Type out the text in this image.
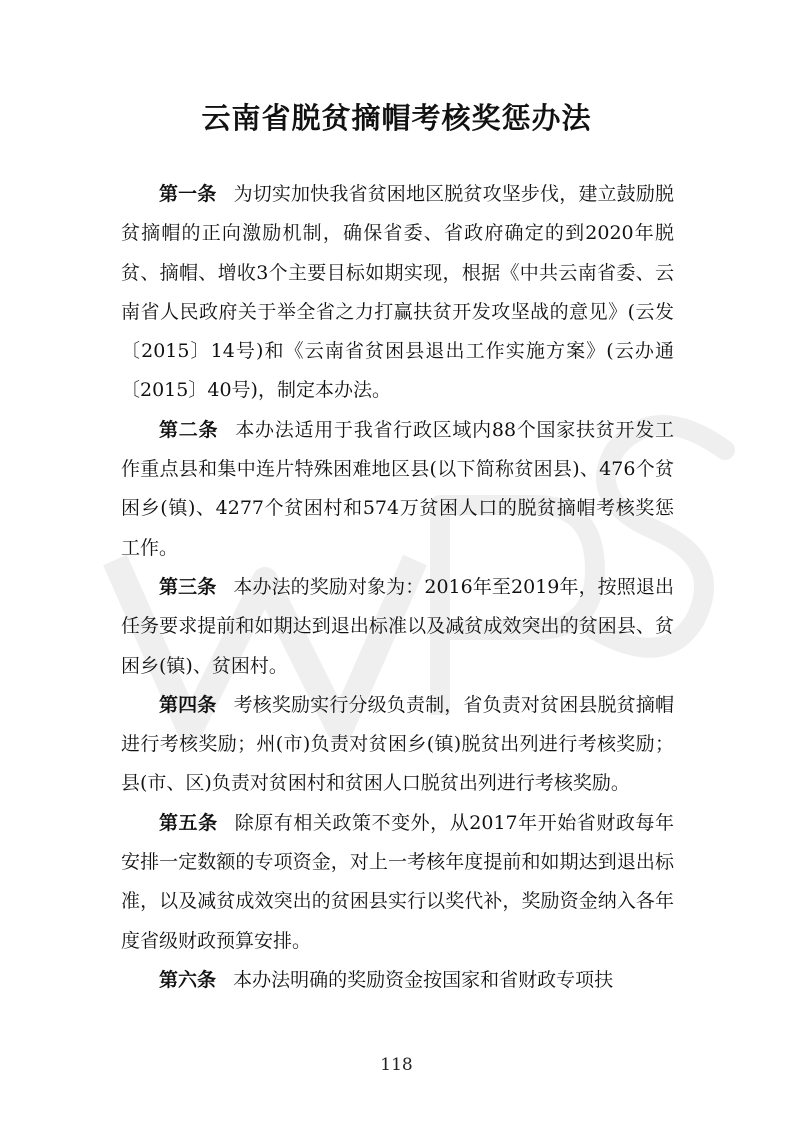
云南省脱贫摘帽考核奖惩办法

第一条 为切实加快我省贫困地区脱贫攻坚步伐，建立鼓励脱贫摘帽的正向激励机制，确保省委、省政府确定的到2020年脱贫、摘帽、增收3个主要目标如期实现，根据《中共云南省委、云南省人民政府关于举全省之力打赢扶贫开发攻坚战的意见》(云发〔2015〕14号)和《云南省贫困县退出工作实施方案》(云办通〔2015〕40号)，制定本办法。

第二条 本办法适用于我省行政区域内88个国家扶贫开发工作重点县和集中连片特殊困难地区县(以下简称贫困县)、476个贫困乡(镇)、4277个贫困村和574万贫困人口的脱贫摘帽考核奖惩工作。

第三条 本办法的奖励对象为：2016年至2019年，按照退出任务要求提前和如期达到退出标准以及减贫成效突出的贫困县、贫困乡(镇)、贫困村。

第四条 考核奖励实行分级负责制，省负责对贫困县脱贫摘帽进行考核奖励；州(市)负责对贫困乡(镇)脱贫出列进行考核奖励；县(市、区)负责对贫困村和贫困人口脱贫出列进行考核奖励。

第五条 除原有相关政策不变外，从2017年开始省财政每年安排一定数额的专项资金，对上一考核年度提前和如期达到退出标准，以及减贫成效突出的贫困县实行以奖代补，奖励资金纳入各年度省级财政预算安排。

第六条 本办法明确的奖励资金按国家和省财政专项扶

118
